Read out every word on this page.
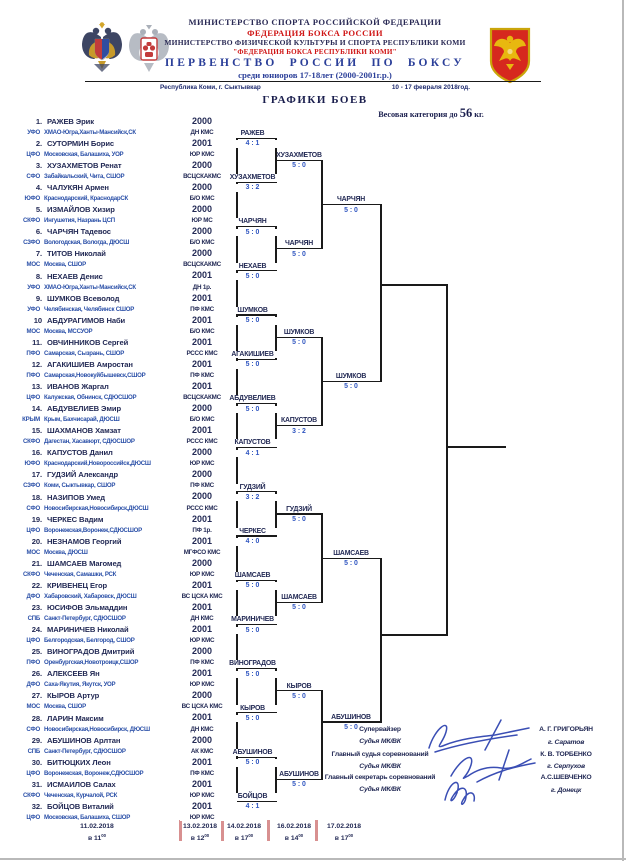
МИНИСТЕРСТВО СПОРТА РОССИЙСКОЙ ФЕДЕРАЦИИ
ФЕДЕРАЦИЯ БОКСА РОССИИ
МИНИСТЕРСТВО ФИЗИЧЕСКОЙ КУЛЬТУРЫ И СПОРТА РЕСПУБЛИКИ КОМИ
"ФЕДЕРАЦИЯ БОКСА РЕСПУБЛИКИ КОМИ"
ПЕРВЕНСТВО РОССИИ ПО БОКСУ
среди юниоров 17-18лет (2000-2001г.р.)
Республика Коми, г. Сыктывкар	10 - 17 февраля 2018год.
ГРАФИКИ БОЕВ
Весовая категория до 56 кг.
1. РАЖЕВ Эрик	2000
УФО ХМАО-Югра,Ханты-Мансийск,СК	ДН КМС
2. СУТОРМИН Борис	2001
ЦФО Московская, Балашиха, УОР	ЮР КМС
3. ХУЗАХМЕТОВ Ренат	2000
СФО Забайкальский, Чита, СШОР	ВСЦСКАКМС
4. ЧАЛУКЯН Армен	2000
ЮФО Краснодарский, КраснодарСК	Б/О КМС
5. ИЗМАЙЛОВ Хизир	2000
СКФО Ингушетия, Назрань ЦСП	ЮР МС
6. ЧАРЧЯН Тадевос	2000
СЗФО Вологодская, Вологда, ДЮСШ	Б/О КМС
7. ТИТОВ Николай	2000
МОС Москва, СШОР	ВСЦСКАКМС
8. НЕХАЕВ Денис	2001
УФО ХМАО-Югра,Ханты-Мансийск,СК	ДН 1р.
9. ШУМКОВ Всеволод	2001
УФО Челябинская, Челябинск СШОР	ПФ КМС
10 АБДУРАГИМОВ Наби	2001
МОС Москва, МССУОР	Б/О КМС
11. ОВЧИННИКОВ Сергей	2001
ПФО Самарская, Сызрань, СШОР	РССС КМС
12. АГАКИШИЕВ Амростан	2001
ПФО Самарская,Новокуйбышевск,СШОР	ПФ КМС
13. ИВАНОВ Жаргал	2001
ЦФО Калужская, Обнинск, СДЮСШОР	ВСЦСКАКМС
14. АБДУВЕЛИЕВ Эмир	2000
КРЫМ Крым, Бахчисарай, ДЮСШ	Б/О КМС
15. ШАХМАНОВ Хамзат	2001
СКФО Дагестан, Хасавюрт, СДЮСШОР	РССС КМС
16. КАПУСТОВ Данил	2000
ЮФО Краснодарский,Новороссийск,ДЮСШ	ЮР КМС
17. ГУДЗИЙ Александр	2000
СЗФО Коми, Сыктывкар, СШОР	ПФ КМС
18. НАЗИПОВ Умед	2000
СФО Новосибирская,Новосибирск,ДЮСШ	РССС КМС
19. ЧЕРКЕС Вадим	2001
ЦФО Воронежская,Воронеж,СДЮСШОР	ПФ 1р.
20. НЕЗНАМОВ Георгий	2001
МОС Москва, ДЮСШ	МГФСО КМС
21. ШАМСАЕВ Магомед	2000
СКФО Чеченская, Самашки, РСК	ЮР КМС
22. КРИВЕНЕЦ Егор	2001
ДФО Хабаровский, Хабаровск, ДЮСШ	ВС ЦСКА КМС
23. ЮСИФОВ Эльмаддин	2001
СПБ Санкт-Петербург, СДЮСШОР	ДН КМС
24. МАРИНИЧЕВ Николай	2001
ЦФО Белгородская, Белгород, СШОР	ЮР КМС
25. ВИНОГРАДОВ Дмитрий	2000
ПФО Оренбургская,Новотроицк,СШОР	ПФ КМС
26. АЛЕКСЕЕВ Ян	2001
ДФО Саха-Якутия, Якутск, УОР	ЮР КМС
27. КЫРОВ Артур	2000
МОС Москва, СШОР	ВС ЦСКА КМС
28. ЛАРИН Максим	2001
СФО Новосибирская,Новосибирск, ДЮСШ	ДН КМС
29. АБУШИНОВ Арлтан	2000
СПБ Санкт-Петербург, СДЮСШОР	АК КМС
30. БИТЮЦКИХ Леон	2001
ЦФО Воронежская, Воронеж,СДЮСШОР	ПФ КМС
31. ИСМАИЛОВ Салах	2001
СКФО Чеченская, Курчалой, РСК	ЮР КМС
32. БОЙЦОВ Виталий	2001
ЦФО Московская, Балашиха, СШОР	ЮР КМС
РАЖЕВ
4 : 1
ХУЗАХМЕТОВ
3 : 2
ЧАРЧЯН
5 : 0
НЕХАЕВ
5 : 0
ШУМКОВ
5 : 0
АГАКИШИЕВ
5 : 0
АБДУВЕЛИЕВ
5 : 0
КАПУСТОВ
4 : 1
ГУДЗИЙ
3 : 2
ЧЕРКЕС
4 : 0
ШАМСАЕВ
5 : 0
МАРИНИЧЕВ
5 : 0
ВИНОГРАДОВ
5 : 0
КЫРОВ
5 : 0
АБУШИНОВ
5 : 0
БОЙЦОВ
4 : 1
ХУЗАХМЕТОВ
5 : 0
ЧАРЧЯН
5 : 0
ШУМКОВ
5 : 0
КАПУСТОВ
3 : 2
ГУДЗИЙ
5 : 0
ШАМСАЕВ
5 : 0
КЫРОВ
5 : 0
АБУШИНОВ
5 : 0
ЧАРЧЯН
5 : 0
ШУМКОВ
5 : 0
ШАМСАЕВ
5 : 0
АБУШИНОВ
5 : 0
11.02.2018
в $11^{00}$
13.02.2018
в $12^{00}$
14.02.2018
в $17^{00}$
16.02.2018
в $14^{00}$
17.02.2018
в $17^{00}$
Супервайзер
Судья МК/ВК
Главный судья соревнований
Судья МК/ВК
Главный секретарь соревнований
Судья МК/ВК
А. Г. ГРИГОРЬЯН
г. Саратов
К. В. ТОРБЕНКО
г. Серпухов
А.С.ШЕВЧЕНКО
г. Донецк
